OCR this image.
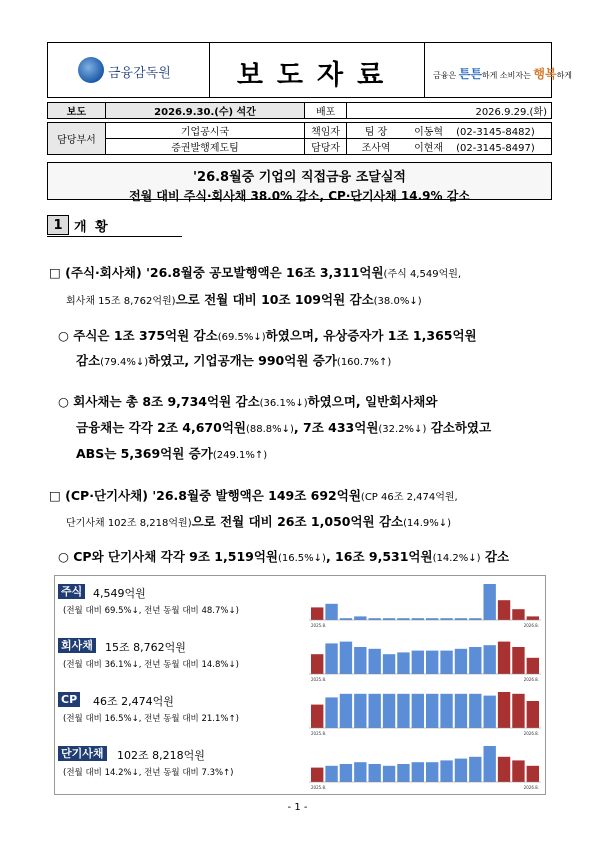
금융감독원	보도자료	금융은 튼튼하게 소비자는 행복하게
보도	2026.9.30.(수) 석간	배포	2026.9.29.(화)

담당부서	기업공시국	책임자	팀 장 이동혁 (02-3145-8482)
	증권발행제도팀	담당자	조사역 이현재 (02-3145-8497)
'26.8월중 기업의 직접금융 조달실적
전월 대비 주식·회사채 38.0% 감소, CP·단기사채 14.9% 감소
1 개 황
□ (주식·회사채) '26.8월중 공모발행액은 16조 3,311억원(주식 4,549억원,
회사채 15조 8,762억원)으로 전월 대비 10조 109억원 감소(38.0%↓)
○ 주식은 1조 375억원 감소(69.5%↓)하였으며, 유상증자가 1조 1,365억원
감소(79.4%↓)하였고, 기업공개는 990억원 증가(160.7%↑)
○ 회사채는 총 8조 9,734억원 감소(36.1%↓)하였으며, 일반회사채와
금융채는 각각 2조 4,670억원(88.8%↓), 7조 433억원(32.2%↓) 감소하였고
ABS는 5,369억원 증가(249.1%↑)
□ (CP·단기사채) '26.8월중 발행액은 149조 692억원(CP 46조 2,474억원,
단기사채 102조 8,218억원)으로 전월 대비 26조 1,050억원 감소(14.9%↓)
○ CP와 단기사채 각각 9조 1,519억원(16.5%↓), 16조 9,531억원(14.2%↓) 감소
주식 4,549억원
(전월 대비 69.5%↓, 전년 동월 대비 48.7%↓)
2025.8.	2026.8.
회사채 15조 8,762억원
(전월 대비 36.1%↓, 전년 동월 대비 14.8%↓)
2025.8.	2026.8.
CP 46조 2,474억원
(전월 대비 16.5%↓, 전년 동월 대비 21.1%↑)
2025.8.	2026.8.
단기사채 102조 8,218억원
(전월 대비 14.2%↓, 전년 동월 대비 7.3%↑)
2025.8.	2026.8.
- 1 -
